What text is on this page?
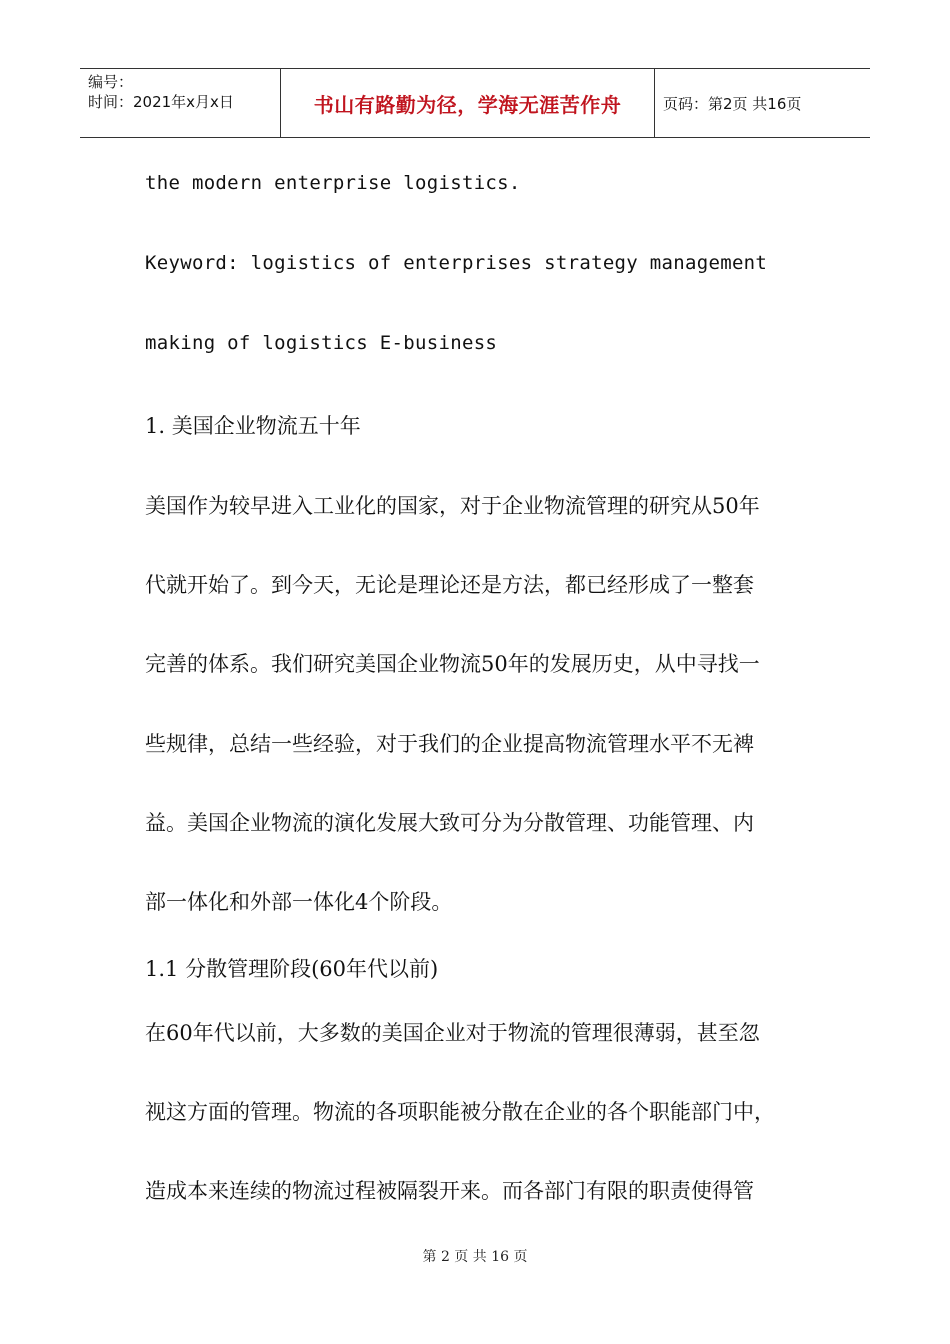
编号：
时间：2021年x月x日	书山有路勤为径，学海无涯苦作舟	页码：第2页 共16页
the modern enterprise logistics.
Keyword: logistics of enterprises strategy management
making of logistics E-business
1. 美国企业物流五十年
美国作为较早进入工业化的国家，对于企业物流管理的研究从50年
代就开始了。到今天，无论是理论还是方法，都已经形成了一整套
完善的体系。我们研究美国企业物流50年的发展历史，从中寻找一
些规律，总结一些经验，对于我们的企业提高物流管理水平不无裨
益。美国企业物流的演化发展大致可分为分散管理、功能管理、内
部一体化和外部一体化4个阶段。
1.1 分散管理阶段(60年代以前)
在60年代以前，大多数的美国企业对于物流的管理很薄弱，甚至忽
视这方面的管理。物流的各项职能被分散在企业的各个职能部门中，
造成本来连续的物流过程被隔裂开来。而各部门有限的职责使得管
第 2 页 共 16 页
